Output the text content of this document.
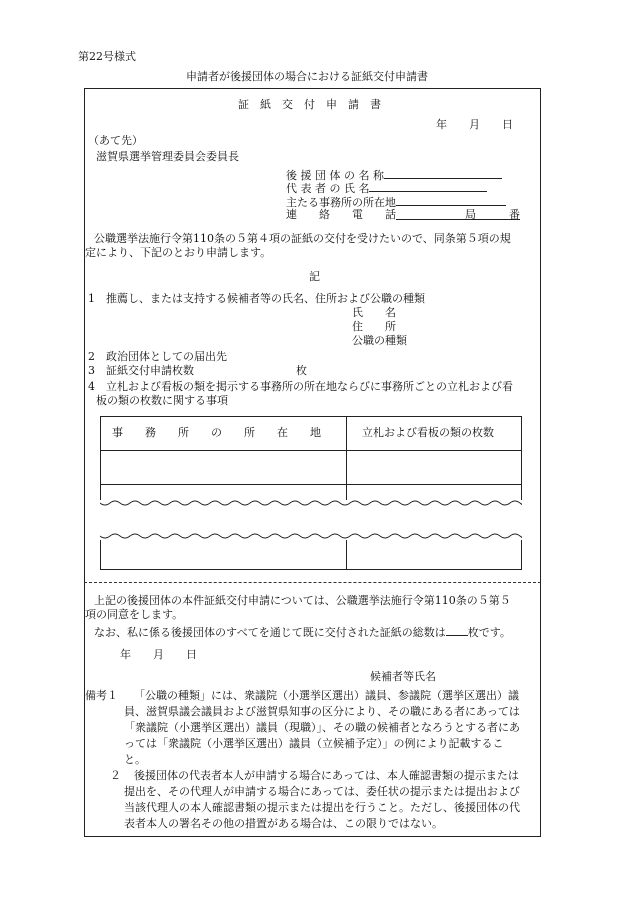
第22号様式
申請者が後援団体の場合における証紙交付申請書
証　紙　交　付　申　請　書
年　　月　　日
（あて先）
滋賀県選挙管理委員会委員長
後 援 団 体 の 名 称
代 表 者 の 氏 名
主たる事務所の所在地
連　　絡　　電　　話	局　　　番
公職選挙法施行令第110条の５第４項の証紙の交付を受けたいので、同条第５項の規
定により、下記のとおり申請します。
記
1 推薦し、または支持する候補者等の氏名、住所および公職の種類
氏　　名
住　　所
公職の種類
2 政治団体としての届出先
3 証紙交付申請枚数	枚
4 立札および看板の類を掲示する事務所の所在地ならびに事務所ごとの立札および看
板の類の枚数に関する事項
事　　務　　所　　の　　所　　在　　地	立札および看板の類の枚数
上記の後援団体の本件証紙交付申請については、公職選挙法施行令第110条の５第５
項の同意をします。
なお、私に係る後援団体のすべてを通じて既に交付された証紙の総数は 枚です。
年　　月　　日
候補者等氏名
備考１ 「公職の種類」には、衆議院（小選挙区選出）議員、参議院（選挙区選出）議
員、滋賀県議会議員および滋賀県知事の区分により、その職にある者にあっては
「衆議院（小選挙区選出）議員（現職）」、その職の候補者となろうとする者にあ
っては「衆議院（小選挙区選出）議員（立候補予定）」の例により記載するこ
と。
２ 後援団体の代表者本人が申請する場合にあっては、本人確認書類の提示または
提出を、その代理人が申請する場合にあっては、委任状の提示または提出および
当該代理人の本人確認書類の提示または提出を行うこと。ただし、後援団体の代
表者本人の署名その他の措置がある場合は、この限りではない。
